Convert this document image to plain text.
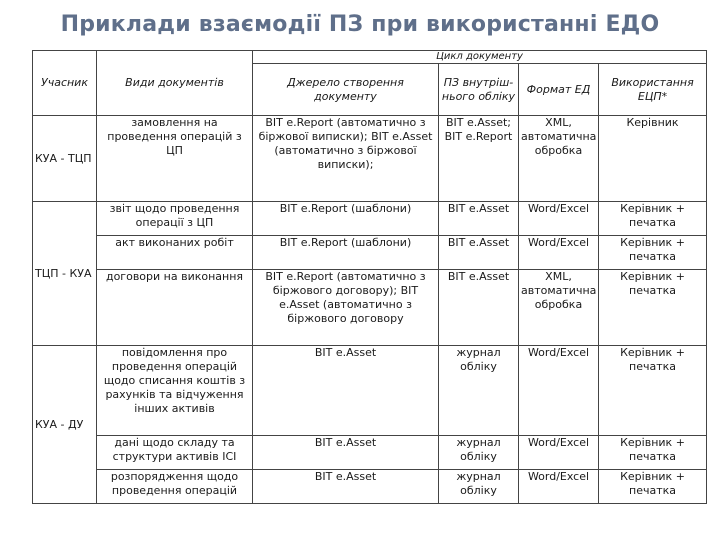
Приклади взаємодії ПЗ при використанні ЕДО
Учасник	Види документів	Цикл документу			
		Джерело створення документу	ПЗ внутріш-нього обліку	Формат ЕД	Використання ЕЦП*
КУА - ТЦП	замовлення на проведення операцій з ЦП	BIT e.Report (автоматично з біржової виписки); BIT e.Asset (автоматично з біржової виписки);	BIT e.Asset; BIT e.Report	XML, автоматична обробка	Керівник
ТЦП - КУА	звіт щодо проведення операції з ЦП	BIT e.Report (шаблони)	BIT e.Asset	Word/Excel	Керівник + печатка
	акт виконаних робіт	BIT e.Report (шаблони)	BIT e.Asset	Word/Excel	Керівник + печатка
	договори на виконання	BIT e.Report (автоматично з біржового договору); BIT e.Asset (автоматично з біржового договору	BIT e.Asset	XML, автоматична обробка	Керівник + печатка
КУА - ДУ	повідомлення про проведення операцій щодо списання коштів з рахунків та відчуження інших активів	BIT e.Asset	журнал обліку	Word/Excel	Керівник + печатка
	дані щодо складу та структури активів ІСІ	BIT e.Asset	журнал обліку	Word/Excel	Керівник + печатка
	розпорядження щодо проведення операцій	BIT e.Asset	журнал обліку	Word/Excel	Керівник + печатка
